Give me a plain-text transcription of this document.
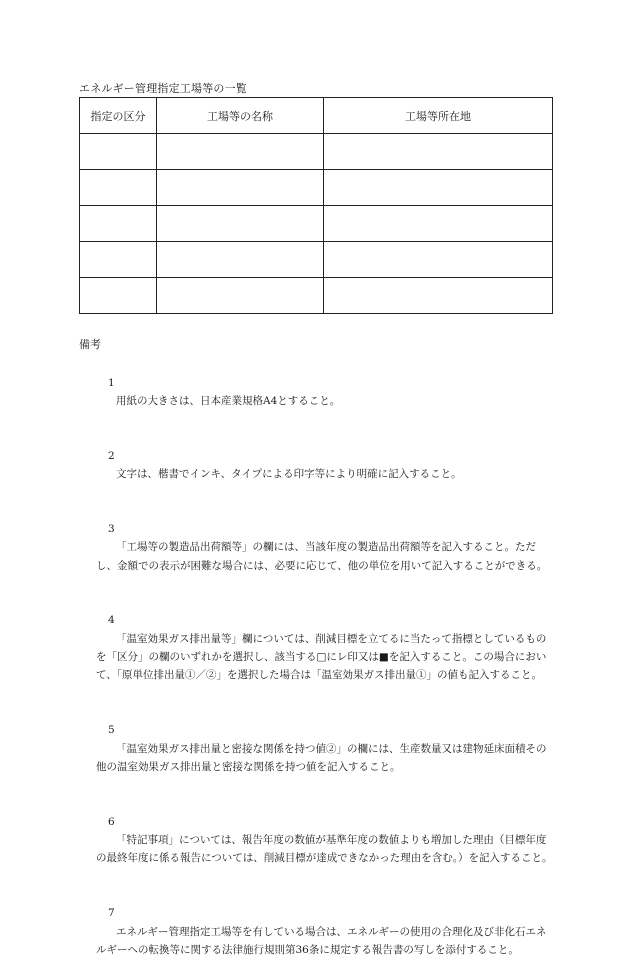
エネルギー管理指定工場等の一覧
指定の区分	工場等の名称	工場等所在地

備考

1
用紙の大きさは、日本産業規格A4とすること。

2
文字は、楷書でインキ、タイプによる印字等により明確に記入すること。

3
「工場等の製造品出荷額等」の欄には、当該年度の製造品出荷額等を記入すること。ただし、金額での表示が困難な場合には、必要に応じて、他の単位を用いて記入することができる。

4
「温室効果ガス排出量等」欄については、削減目標を立てるに当たって指標としているものを「区分」の欄のいずれかを選択し、該当する□にレ印又は■を記入すること。この場合において、「原単位排出量①／②」を選択した場合は「温室効果ガス排出量①」の値も記入すること。

5
「温室効果ガス排出量と密接な関係を持つ値②」の欄には、生産数量又は建物延床面積その他の温室効果ガス排出量と密接な関係を持つ値を記入すること。

6
「特記事項」については、報告年度の数値が基準年度の数値よりも増加した理由（目標年度の最終年度に係る報告については、削減目標が達成できなかった理由を含む。）を記入すること。

7
エネルギー管理指定工場等を有している場合は、エネルギーの使用の合理化及び非化石エネルギーへの転換等に関する法律施行規則第36条に規定する報告書の写しを添付すること。
